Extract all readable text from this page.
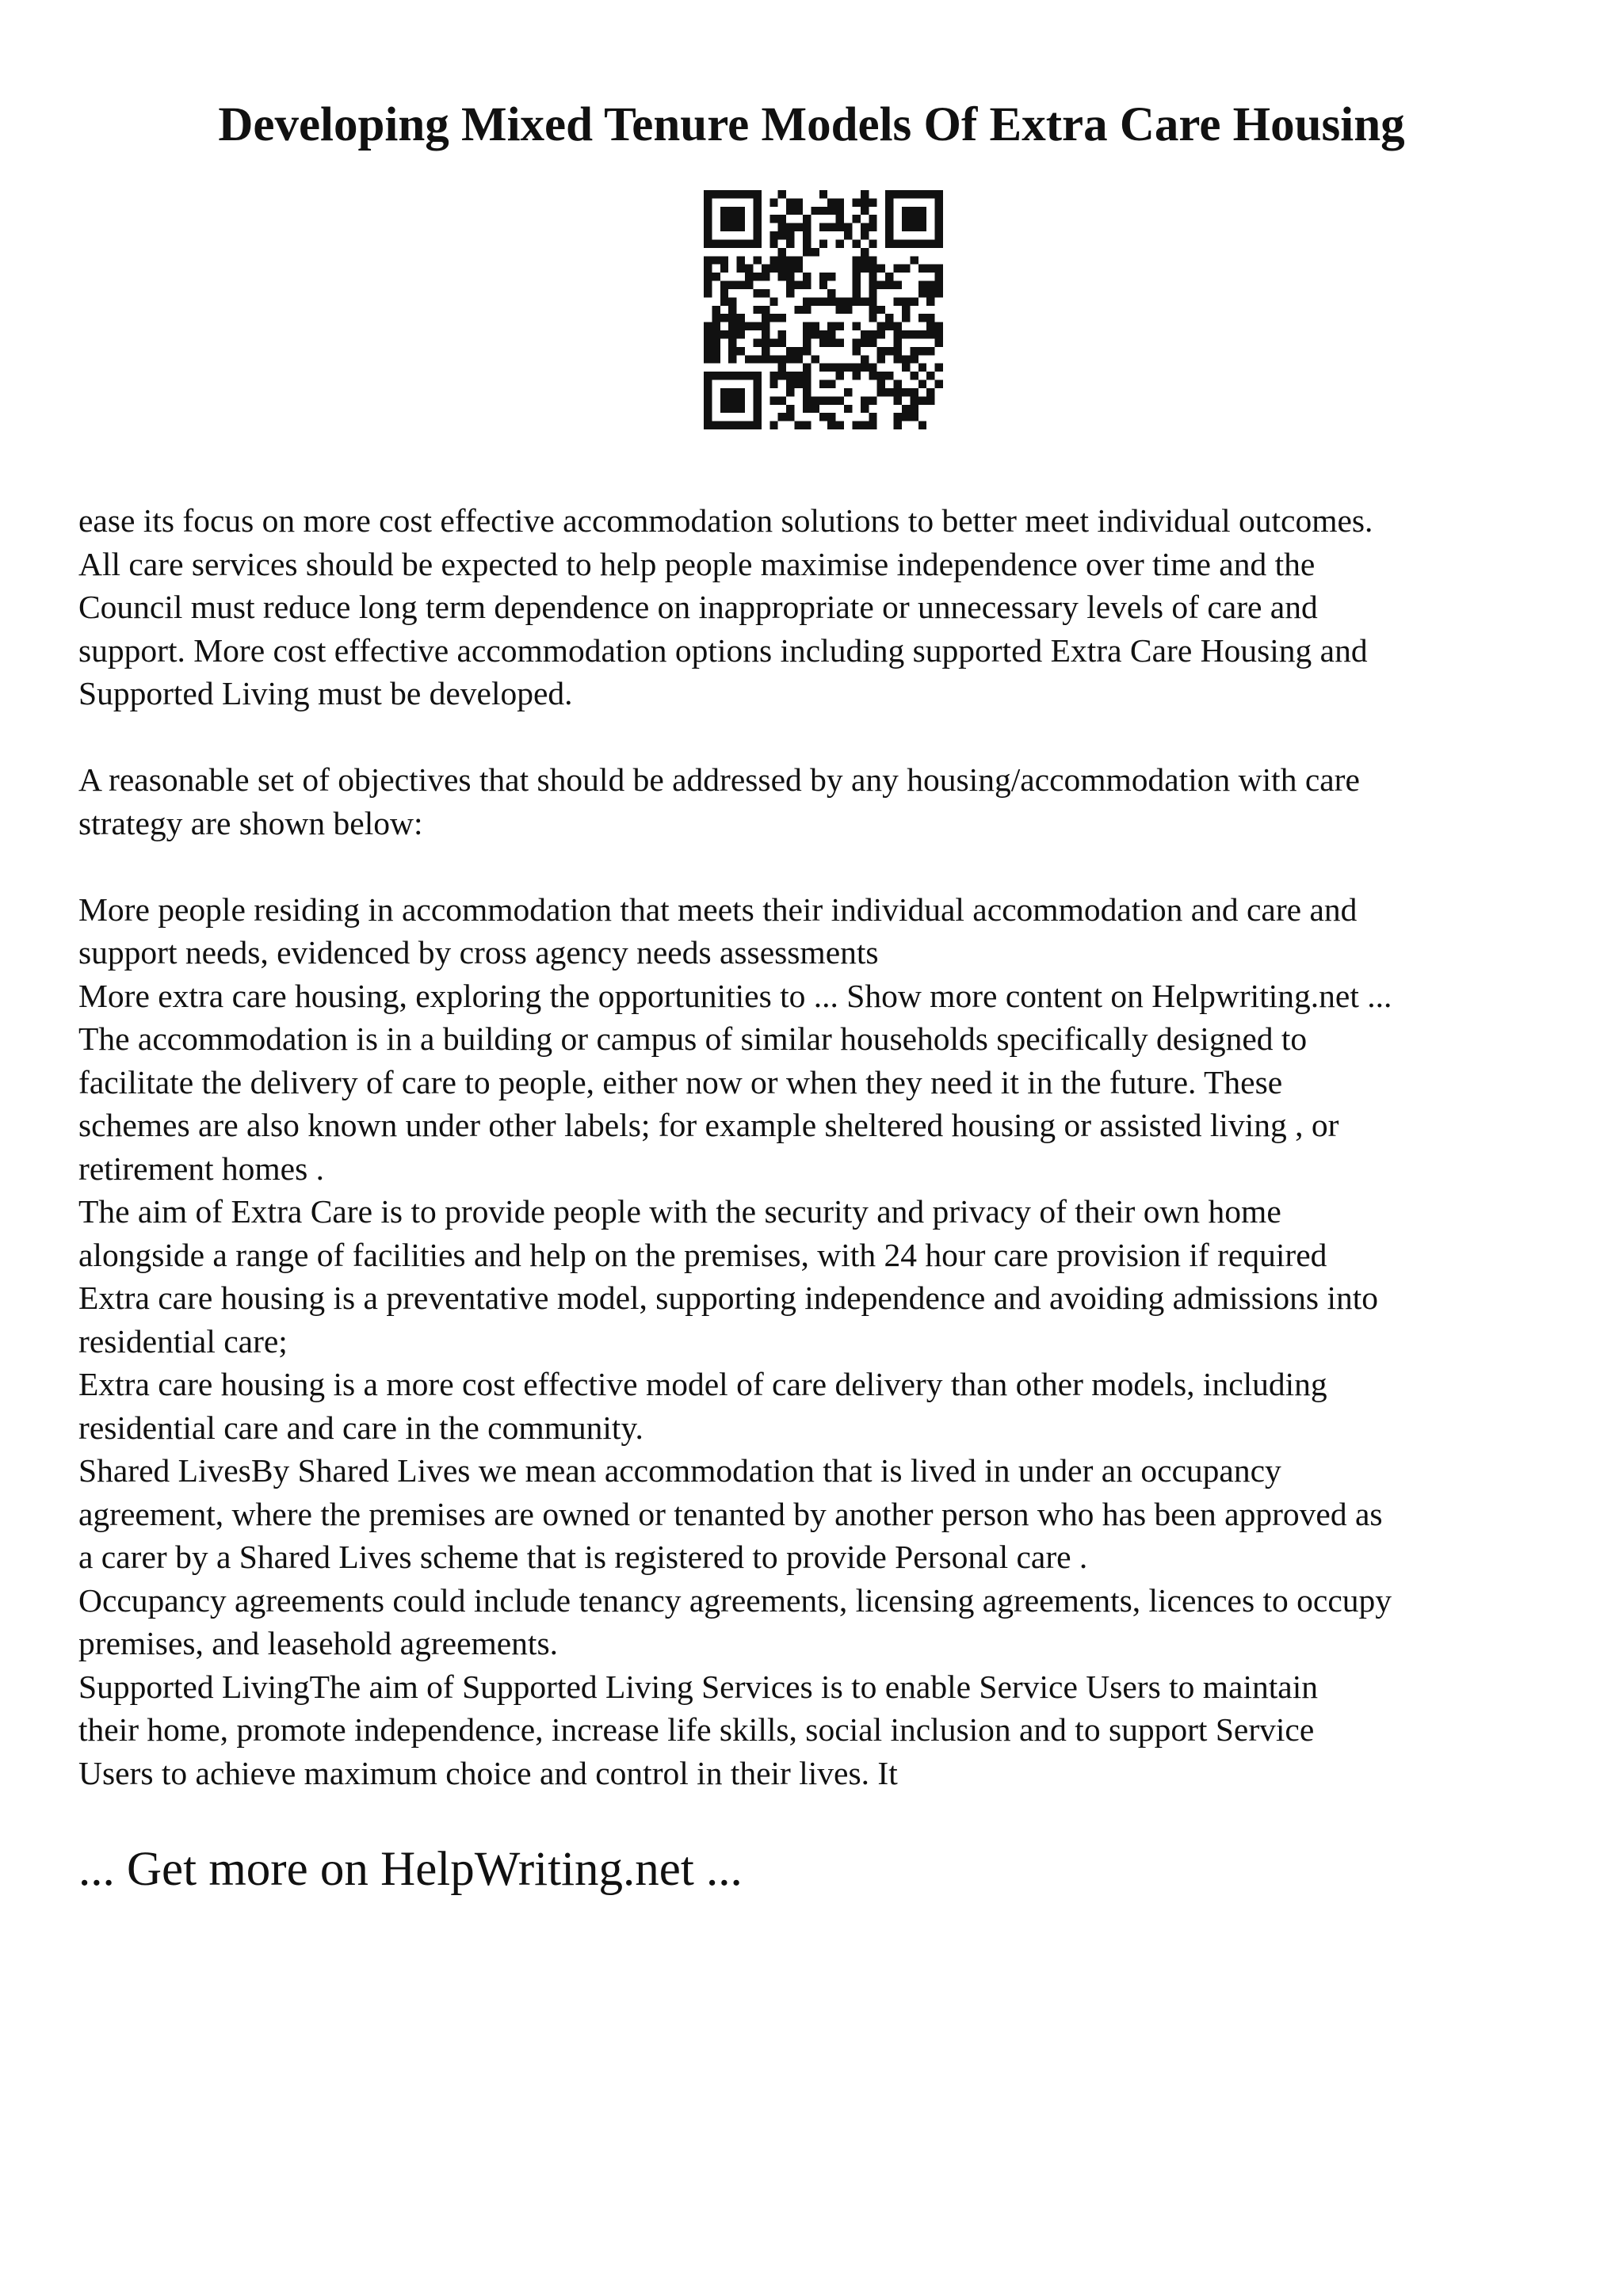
Developing Mixed Tenure Models Of Extra Care Housing

ease its focus on more cost effective accommodation solutions to better meet individual outcomes.
All care services should be expected to help people maximise independence over time and the
Council must reduce long term dependence on inappropriate or unnecessary levels of care and
support. More cost effective accommodation options including supported Extra Care Housing and
Supported Living must be developed.

A reasonable set of objectives that should be addressed by any housing/accommodation with care
strategy are shown below:

More people residing in accommodation that meets their individual accommodation and care and
support needs, evidenced by cross agency needs assessments
More extra care housing, exploring the opportunities to ... Show more content on Helpwriting.net ...
The accommodation is in a building or campus of similar households specifically designed to
facilitate the delivery of care to people, either now or when they need it in the future. These
schemes are also known under other labels; for example sheltered housing or assisted living , or
retirement homes .
The aim of Extra Care is to provide people with the security and privacy of their own home
alongside a range of facilities and help on the premises, with 24 hour care provision if required
Extra care housing is a preventative model, supporting independence and avoiding admissions into
residential care;
Extra care housing is a more cost effective model of care delivery than other models, including
residential care and care in the community.
Shared LivesBy Shared Lives we mean accommodation that is lived in under an occupancy
agreement, where the premises are owned or tenanted by another person who has been approved as
a carer by a Shared Lives scheme that is registered to provide Personal care .
Occupancy agreements could include tenancy agreements, licensing agreements, licences to occupy
premises, and leasehold agreements.
Supported LivingThe aim of Supported Living Services is to enable Service Users to maintain
their home, promote independence, increase life skills, social inclusion and to support Service
Users to achieve maximum choice and control in their lives. It

... Get more on HelpWriting.net ...
